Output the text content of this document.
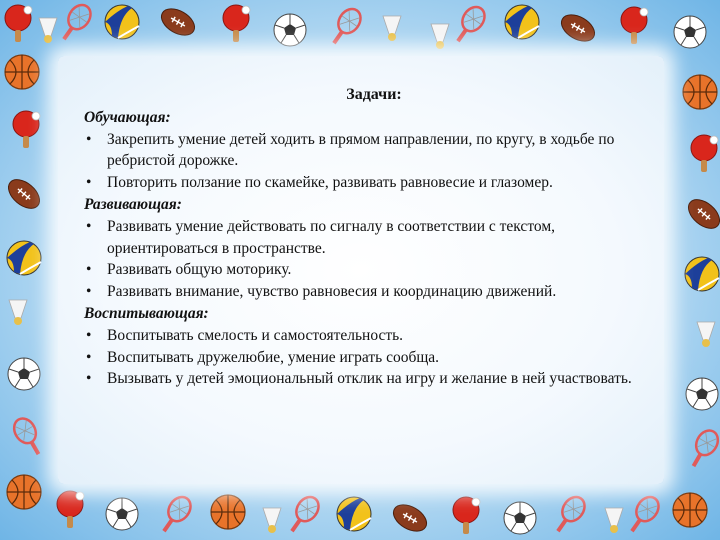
Задачи:
Обучающая:
• Закрепить умение детей ходить в прямом направлении, по кругу, в ходьбе по ребристой дорожке.
• Повторить ползание по скамейке, развивать равновесие и глазомер.
Развивающая:
• Развивать умение действовать по сигналу в соответствии с текстом, ориентироваться в пространстве.
• Развивать общую моторику.
• Развивать внимание, чувство равновесия и координацию движений.
Воспитывающая:
• Воспитывать смелость и самостоятельность.
• Воспитывать дружелюбие, умение играть сообща.
• Вызывать у детей эмоциональный отклик на игру и желание в ней участвовать.
